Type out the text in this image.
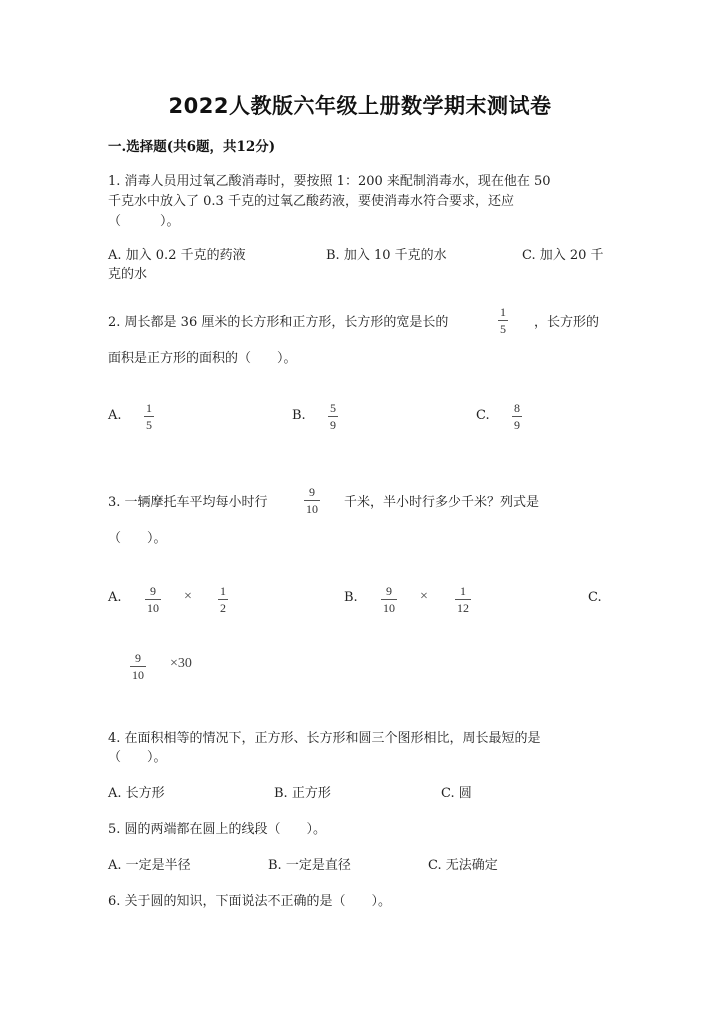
2022人教版六年级上册数学期末测试卷
一.选择题(共6题，共12分)
1. 消毒人员用过氧乙酸消毒时，要按照 1：200 来配制消毒水，现在他在 50
千克水中放入了 0.3 千克的过氧乙酸药液，要使消毒水符合要求，还应
（　　　）。
A. 加入 0.2 千克的药液	B. 加入 10 千克的水	C. 加入 20 千
克的水
2. 周长都是 36 厘米的长方形和正方形，长方形的宽是长的
1
5 ，长方形的
面积是正方形的面积的（　　）。
A. 1
5
B. 5
9
C. 8
9
3. 一辆摩托车平均每小时行
9
10 千米，半小时行多少千米？列式是
（　　）。
A. 9
10
× 1
2
B. 9
10
×	1
12
C.
9
10
×30
4. 在面积相等的情况下，正方形、长方形和圆三个图形相比，周长最短的是
（　　）。
A. 长方形	B. 正方形	C. 圆
5. 圆的两端都在圆上的线段（　　）。
A. 一定是半径	B. 一定是直径	C. 无法确定
6. 关于圆的知识，下面说法不正确的是（　　）。
